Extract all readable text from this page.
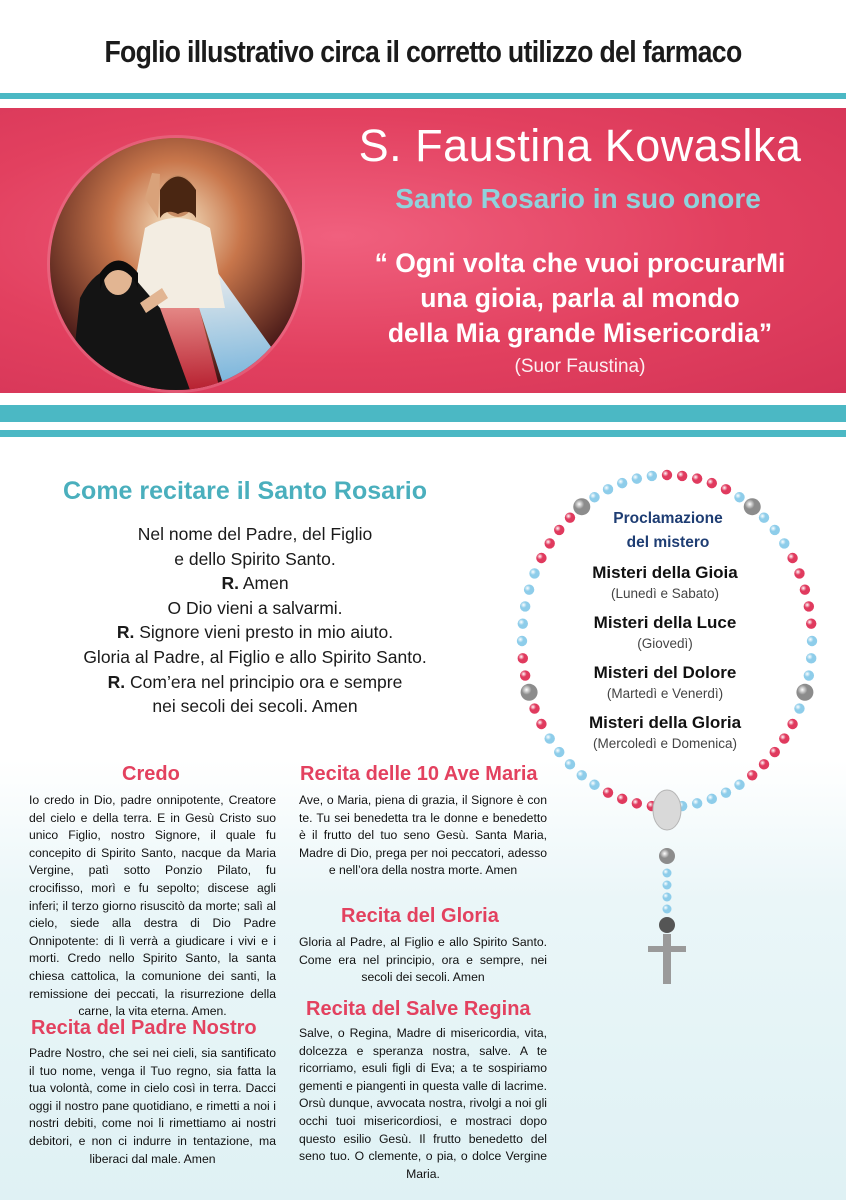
Foglio illustrativo circa il corretto utilizzo del farmaco
S. Faustina Kowaslka
Santo Rosario in suo onore
“ Ogni volta che vuoi procurarMi
una gioia, parla al mondo
della Mia grande Misericordia”
(Suor Faustina)
Come recitare il Santo Rosario

Nel nome del Padre, del Figlio

e dello Spirito Santo.

R. Amen

O Dio vieni a salvarmi.

R. Signore vieni presto in mio aiuto.

Gloria al Padre, al Figlio e allo Spirito Santo.

R. Com’era nel principio ora e sempre

nei secoli dei secoli. Amen

Proclamazione
del mistero
Misteri della Gioia
(Lunedì e Sabato)
Misteri della Luce
(Giovedì)
Misteri del Dolore
(Martedì e Venerdì)
Misteri della Gloria
(Mercoledì e Domenica)
Credo
Io credo in Dio, padre onnipotente, Creatore del cielo e della terra. E in Gesù Cristo suo unico Figlio, nostro Signore, il quale fu concepito di Spirito Santo, nacque da Maria Vergine, patì sotto Ponzio Pilato, fu crocifisso, morì e fu sepolto; discese agli inferi; il terzo giorno risuscitò da morte; salì al cielo, siede alla destra di Dio Padre Onnipotente: di lì verrà a giudicare i vivi e i morti. Credo nello Spirito Santo, la santa chiesa cattolica, la comunione dei santi, la remissione dei peccati, la risurrezione della carne, la vita eterna. Amen.
Recita del Padre Nostro
Padre Nostro, che sei nei cieli, sia santificato il tuo nome, venga il Tuo regno, sia fatta la tua volontà, come in cielo così in terra. Dacci oggi il nostro pane quotidiano, e rimetti a noi i nostri debiti, come noi li rimettiamo ai nostri debitori, e non ci indurre in tentazione, ma liberaci dal male. Amen
Recita delle 10 Ave Maria
Ave, o Maria, piena di grazia, il Signore è con te. Tu sei benedetta tra le donne e benedetto è il frutto del tuo seno Gesù. Santa Maria, Madre di Dio, prega per noi peccatori, adesso e nell’ora della nostra morte. Amen
Recita del Gloria
Gloria al Padre, al Figlio e allo Spirito Santo. Come era nel principio, ora e sempre, nei secoli dei secoli. Amen
Recita del Salve Regina
Salve, o Regina, Madre di misericordia, vita, dolcezza e speranza nostra, salve. A te ricorriamo, esuli figli di Eva; a te sospiriamo gementi e piangenti in questa valle di lacrime. Orsù dunque, avvocata nostra, rivolgi a noi gli occhi tuoi misericordiosi, e mostraci dopo questo esilio Gesù. Il frutto benedetto del seno tuo. O clemente, o pia, o dolce Vergine Maria.
